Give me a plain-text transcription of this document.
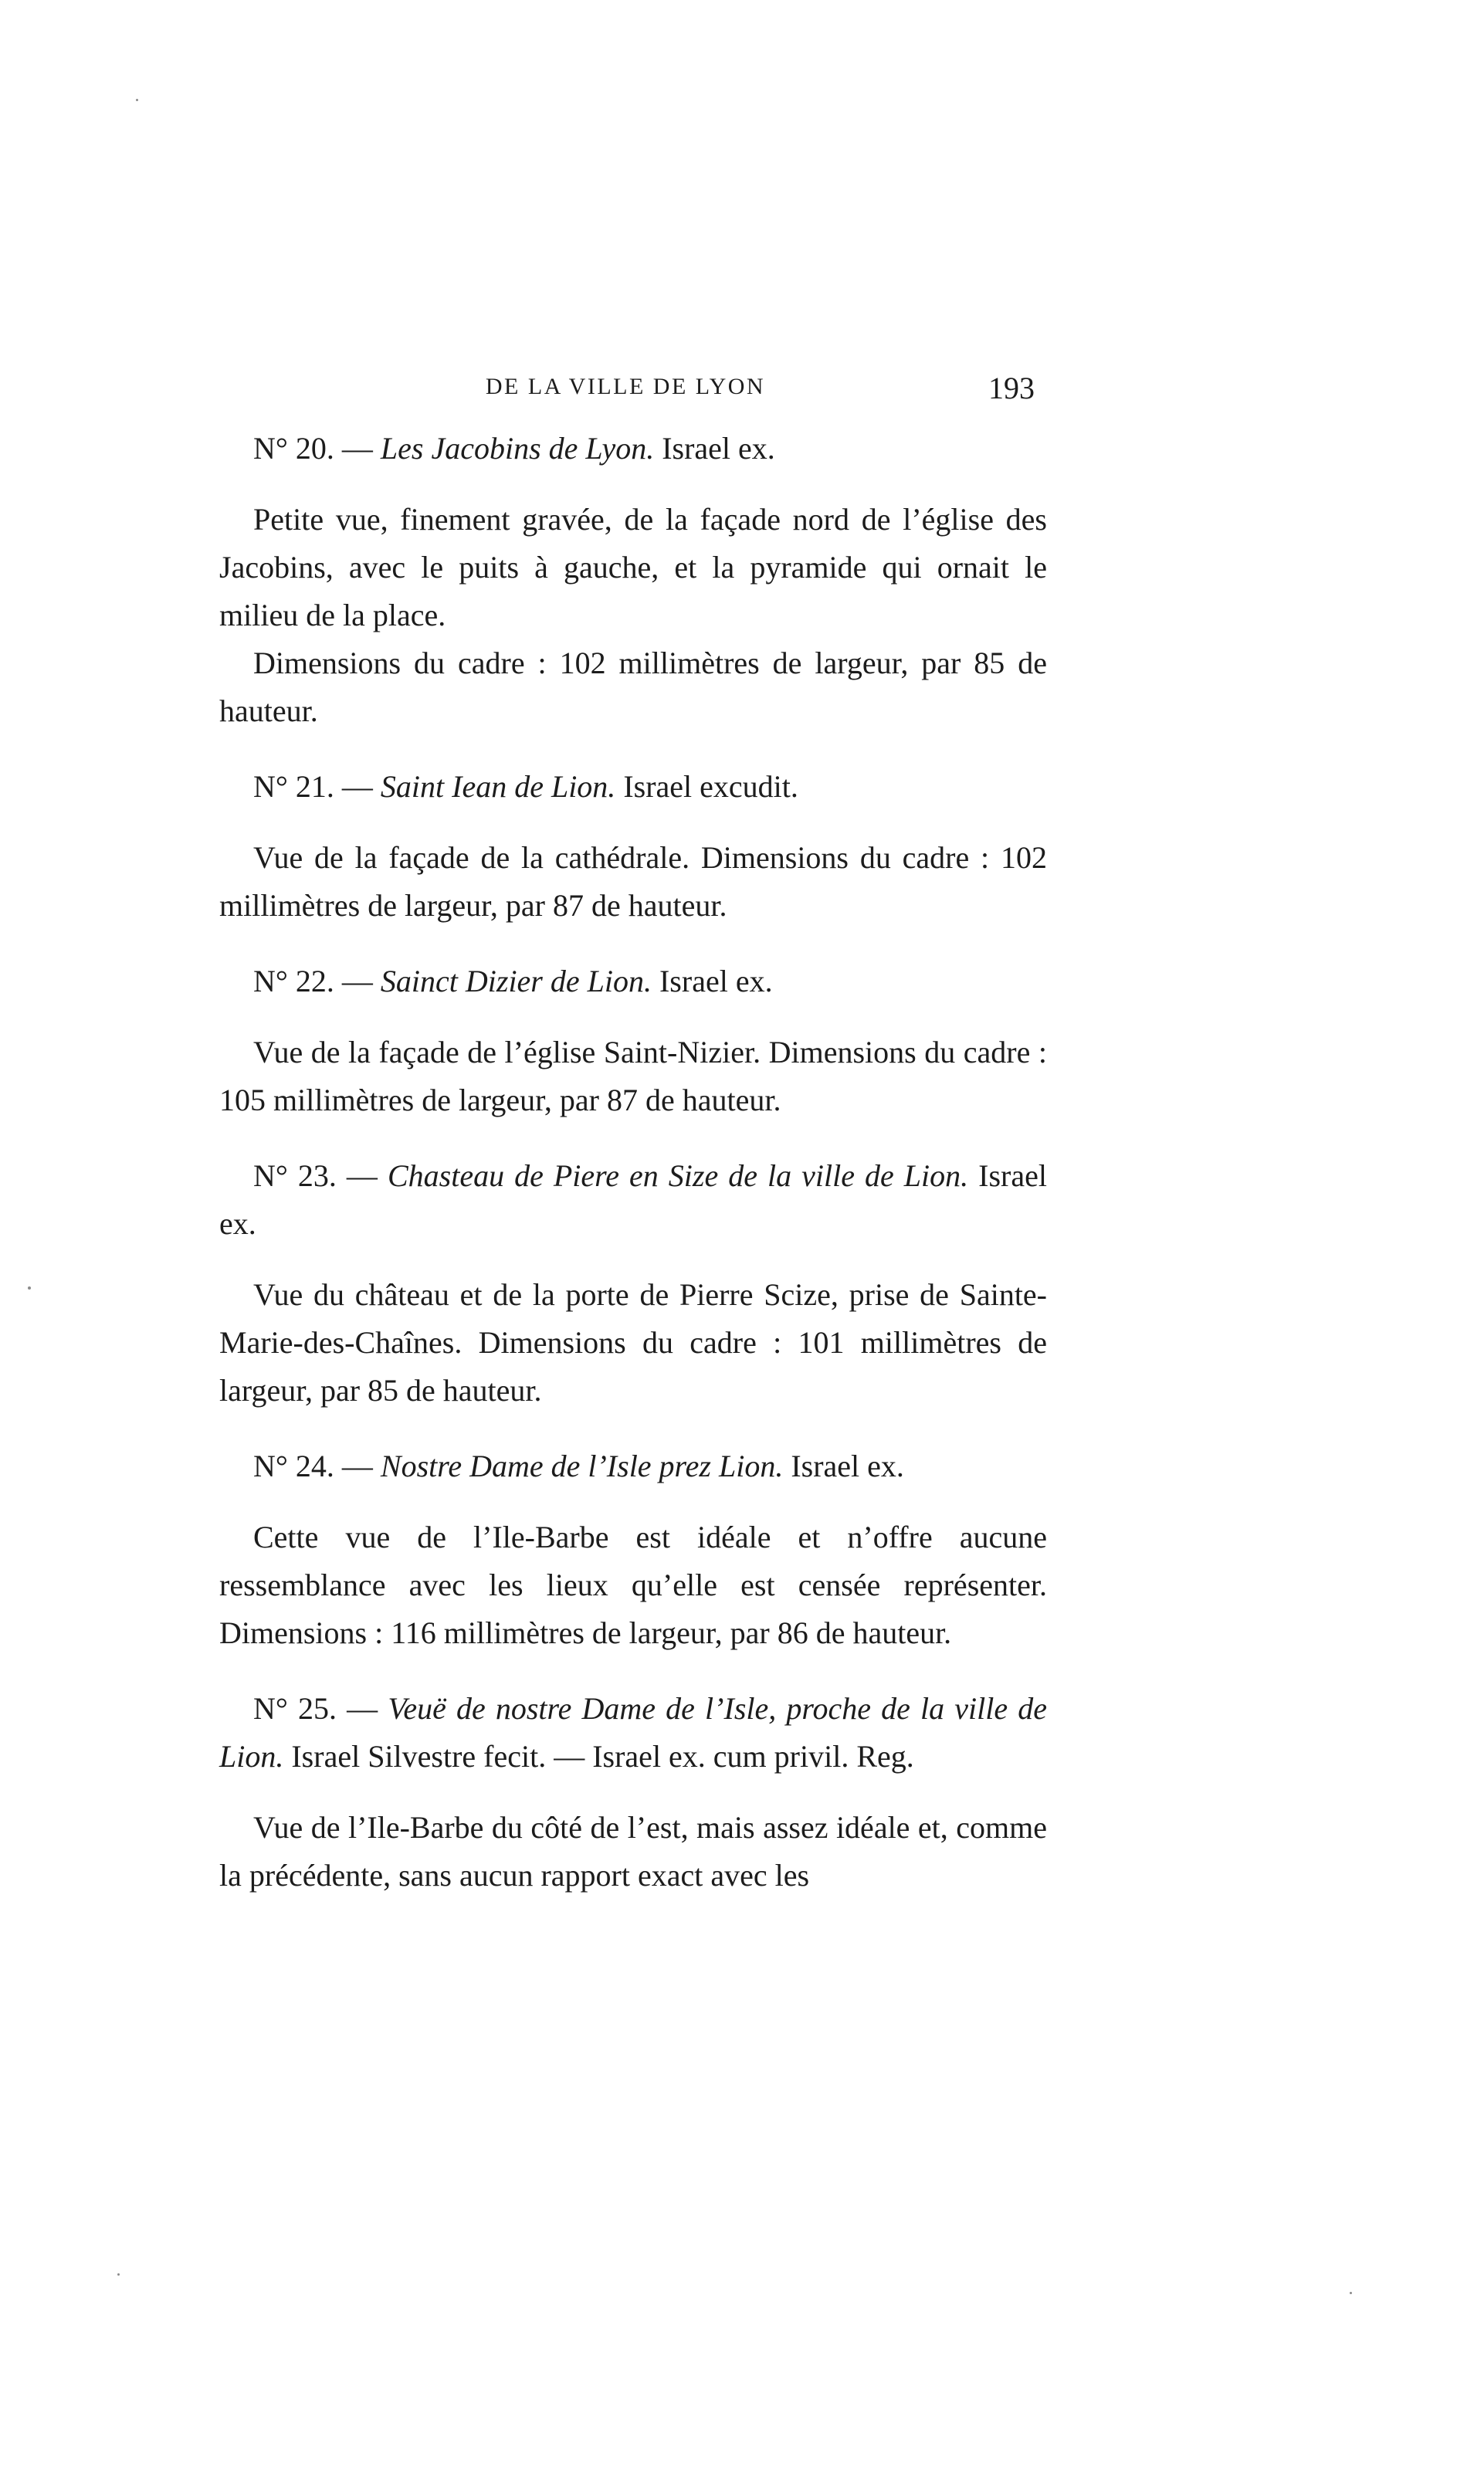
DE LA VILLE DE LYON	193

N° 20. — Les Jacobins de Lyon. Israel ex.

Petite vue, finement gravée, de la façade nord de l’église des Jacobins, avec le puits à gauche, et la pyramide qui ornait le milieu de la place.

Dimensions du cadre : 102 millimètres de largeur, par 85 de hauteur.

N° 21. — Saint Iean de Lion. Israel excudit.

Vue de la façade de la cathédrale. Dimensions du cadre : 102 millimètres de largeur, par 87 de hauteur.

N° 22. — Sainct Dizier de Lion. Israel ex.

Vue de la façade de l’église Saint-Nizier. Dimensions du cadre : 105 millimètres de largeur, par 87 de hauteur.

N° 23. — Chasteau de Piere en Size de la ville de Lion. Israel ex.

Vue du château et de la porte de Pierre Scize, prise de Sainte-Marie-des-Chaînes. Dimensions du cadre : 101 millimètres de largeur, par 85 de hauteur.

N° 24. — Nostre Dame de l’Isle prez Lion. Israel ex.

Cette vue de l’Ile-Barbe est idéale et n’offre aucune ressemblance avec les lieux qu’elle est censée représenter. Dimensions : 116 millimètres de largeur, par 86 de hauteur.

N° 25. — Veuë de nostre Dame de l’Isle, proche de la ville de Lion. Israel Silvestre fecit. — Israel ex. cum privil. Reg.

Vue de l’Ile-Barbe du côté de l’est, mais assez idéale et, comme la précédente, sans aucun rapport exact avec les
